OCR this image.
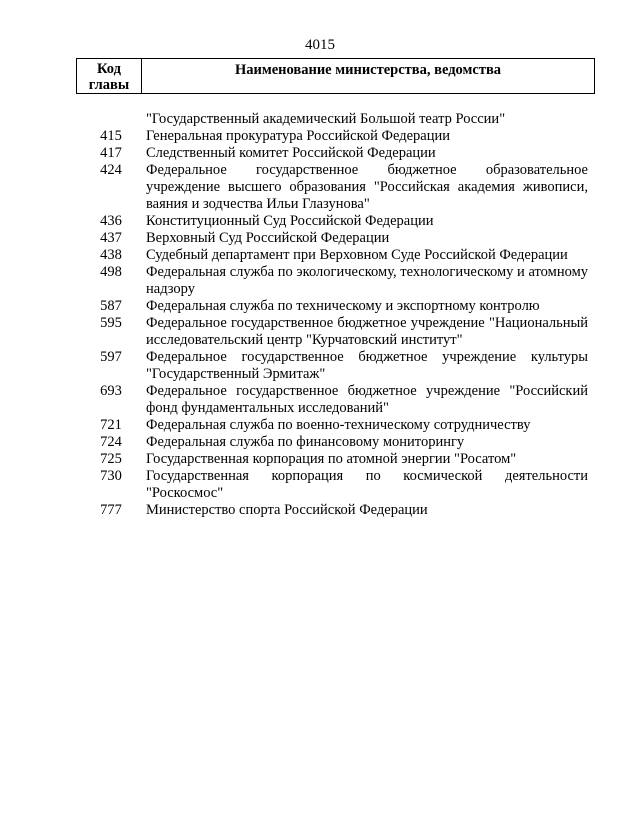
4015
Код
главы
	Наименование министерства, ведомства
"Государственный академический Большой театр России"
415	Генеральная прокуратура Российской Федерации
417	Следственный комитет Российской Федерации
424	Федеральное государственное бюджетное образовательное учреждение высшего образования "Российская академия живописи, ваяния и зодчества Ильи Глазунова"
436	Конституционный Суд Российской Федерации
437	Верховный Суд Российской Федерации
438	Судебный департамент при Верховном Суде Российской Федерации
498	Федеральная служба по экологическому, технологическому и атомному надзору
587	Федеральная служба по техническому и экспортному контролю
595	Федеральное государственное бюджетное учреждение "Национальный исследовательский центр "Курчатовский институт"
597	Федеральное государственное бюджетное учреждение культуры "Государственный Эрмитаж"
693	Федеральное государственное бюджетное учреждение "Российский фонд фундаментальных исследований"
721	Федеральная служба по военно-техническому сотрудничеству
724	Федеральная служба по финансовому мониторингу
725	Государственная корпорация по атомной энергии "Росатом"
730	Государственная корпорация по космической деятельности "Роскосмос"
777	Министерство спорта Российской Федерации
